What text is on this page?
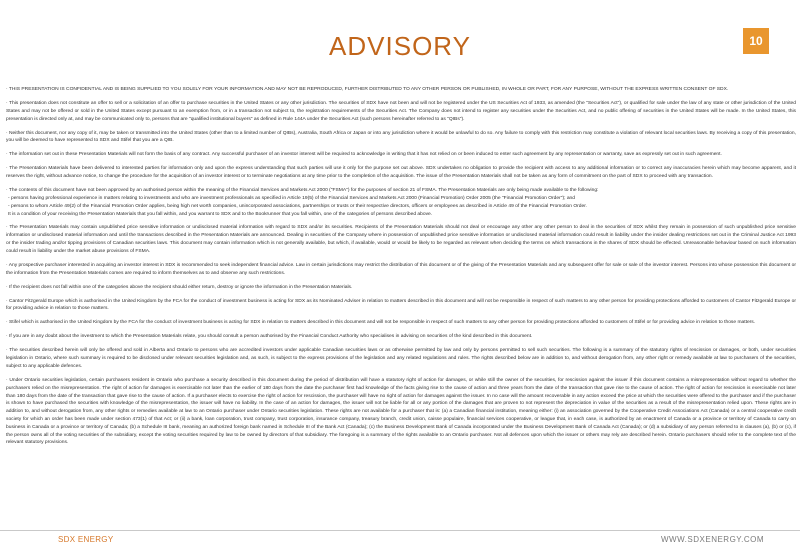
ADVISORY	10

· THIS PRESENTATION IS CONFIDENTIAL AND IS BEING SUPPLIED TO YOU SOLELY FOR YOUR INFORMATION AND MAY NOT BE REPRODUCED, FURTHER DISTRIBUTED TO ANY OTHER PERSON OR PUBLISHED, IN WHOLE OR PART, FOR ANY PURPOSE, WITHOUT THE EXPRESS WRITTEN CONSENT OF SDX.

· This presentation does not constitute an offer to sell or a solicitation of an offer to purchase securities in the United States or any other jurisdiction. The securities of SDX have not been and will not be registered under the US Securities Act of 1933, as amended (the "Securities Act"), or qualified for sale under the law of any state or other jurisdiction of the United States and may not be offered or sold in the United States except pursuant to an exemption from, or in a transaction not subject to, the registration requirements of the Securities Act. The Company does not intend to register any securities under the Securities Act, and no public offering of securities in the United States will be made. In the United States, this presentation is directed only at, and may be communicated only to, persons that are "qualified institutional buyers" as defined in Rule 144A under the Securities Act (such persons hereinafter referred to as "QIBs").

· Neither this document, nor any copy of it, may be taken or transmitted into the United States (other than to a limited number of QIBs), Australia, South Africa or Japan or into any jurisdiction where it would be unlawful to do so. Any failure to comply with this restriction may constitute a violation of relevant local securities laws. By receiving a copy of this presentation, you will be deemed to have represented to SDX and Stifel that you are a QIB.

· The information set out in these Presentation Materials will not form the basis of any contract. Any successful purchaser of an investor interest will be required to acknowledge in writing that it has not relied on or been induced to enter such agreement by any representation or warranty, save as expressly set out in such agreement.

· The Presentation Materials have been delivered to interested parties for information only and upon the express understanding that such parties will use it only for the purpose set out above. SDX undertakes no obligation to provide the recipient with access to any additional information or to correct any inaccuracies herein which may become apparent, and it reserves the right, without advance notice, to change the procedure for the acquisition of an investor interest or to terminate negotiations at any time prior to the completion of the acquisition. The issue of the Presentation Materials shall not be taken as any form of commitment on the part of SDX to proceed with any transaction.

· The contents of this document have not been approved by an authorised person within the meaning of the Financial Services and Markets Act 2000 ("FSMA") for the purposes of section 21 of FSMA. The Presentation Materials are only being made available to the following:
- persons having professional experience in matters relating to investments and who are investment professionals as specified in Article 19(5) of the Financial Services and Markets Act 2000 (Financial Promotion) Order 2005 (the "Financial Promotion Order"); and
- persons to whom Article 49(2) of the Financial Promotion Order applies, being high net worth companies, unincorporated associations, partnerships or trusts or their respective directors, officers or employees as described in Article 49 of the Financial Promotion Order.
It is a condition of your receiving the Presentation Materials that you fall within, and you warrant to SDX and to the Bookrunner that you fall within, one of the categories of persons described above.

· The Presentation Materials may contain unpublished price sensitive information or undisclosed material information with regard to SDX and/or its securities. Recipients of the Presentation Materials should not deal or encourage any other any other person to deal in the securities of SDX whilst they remain in possession of such unpublished price sensitive information or undisclosed material information and until the transactions described in the Presentation Materials are announced. Dealing in securities of the Company where in possession of unpublished price sensitive information or undisclosed material information could result in liability under the insider dealing restrictions set out in the Criminal Justice Act 1993 or the insider trading and/or tipping provisions of Canadian securities laws. This document may contain information which is not generally available, but which, if available, would or would be likely to be regarded as relevant when deciding the terms on which transactions in the shares of SDX should be effected. Unreasonable behaviour based on such information could result in liability under the market abuse provisions of FSMA.

· Any prospective purchaser interested in acquiring an investor interest in SDX is recommended to seek independent financial advice. Law in certain jurisdictions may restrict the distribution of this document or of the giving of the Presentation Materials and any subsequent offer for sale or sale of the investor interest. Persons into whose possession this document or the information from the Presentation Materials comes are required to inform themselves as to and observe any such restrictions.

· If the recipient does not fall within one of the categories above the recipient should either return, destroy or ignore the information in the Presentation Materials.

· Cantor Fitzgerald Europe which is authorised in the United Kingdom by the FCA for the conduct of investment business is acting for SDX as its Nominated Adviser in relation to matters described in this document and will not be responsible in respect of such matters to any other person for providing protections afforded to customers of Cantor Fitzgerald Europe or for providing advice in relation to those matters.

· Stifel which is authorised in the United Kingdom by the FCA for the conduct of investment business is acting for SDX in relation to matters described in this document and will not be responsible in respect of such matters to any other person for providing protections afforded to customers of Stifel or for providing advice in relation to those matters.

· If you are in any doubt about the investment to which the Presentation Materials relate, you should consult a person authorised by the Financial Conduct Authority who specialises in advising on securities of the kind described in this document.

· The securities described herein will only be offered and sold in Alberta and Ontario to persons who are accredited investors under applicable Canadian securities laws or as otherwise permitted by law and only by persons permitted to sell such securities. The following is a summary of the statutory rights of rescission or damages, or both, under securities legislation in Ontario, where such summary is required to be disclosed under relevant securities legislation and, as such, is subject to the express provisions of the legislation and any related regulations and rules. The rights described below are in addition to, and without derogation from, any other right or remedy available at law to purchasers of the securities, subject to any applicable defences.

· Under Ontario securities legislation, certain purchasers resident in Ontario who purchase a security described in this document during the period of distribution will have a statutory right of action for damages, or while still the owner of the securities, for rescission against the issuer if this document contains a misrepresentation without regard to whether the purchasers relied on the misrepresentation. The right of action for damages is exercisable not later than the earlier of 180 days from the date the purchaser first had knowledge of the facts giving rise to the cause of action and three years from the date of the transaction that gave rise to the cause of action. The right of action for rescission is exercisable not later than 180 days from the date of the transaction that gave rise to the cause of action. If a purchaser elects to exercise the right of action for rescission, the purchaser will have no right of action for damages against the issuer. In no case will the amount recoverable in any action exceed the price at which the securities were offered to the purchaser and if the purchaser is shown to have purchased the securities with knowledge of the misrepresentation, the issuer will have no liability. In the case of an action for damages, the issuer will not be liable for all or any portion of the damages that are proven to not represent the depreciation in value of the securities as a result of the misrepresentation relied upon. These rights are in addition to, and without derogation from, any other rights or remedies available at law to an Ontario purchaser under Ontario securities legislation. These rights are not available for a purchaser that is: (a) a Canadian financial institution, meaning either: (i) an association governed by the Cooperative Credit Associations Act (Canada) or a central cooperative credit society for which an order has been made under section 473(1) of that Act; or (ii) a bank, loan corporation, trust company, trust corporation, insurance company, treasury branch, credit union, caisse populaire, financial services cooperative, or league that, in each case, is authorized by an enactment of Canada or a province or territory of Canada to carry on business in Canada or a province or territory of Canada; (b) a Schedule III bank, meaning an authorized foreign bank named in Schedule III of the Bank Act (Canada); (c) the Business Development Bank of Canada incorporated under the Business Development Bank of Canada Act (Canada); or (d) a subsidiary of any person referred to in clauses (a), (b) or (c), if the person owns all of the voting securities of the subsidiary, except the voting securities required by law to be owned by directors of that subsidiary. The foregoing is a summary of the rights available to an Ontario purchaser. Not all defences upon which the issuer or others may rely are described herein. Ontario purchasers should refer to the complete text of the relevant statutory provisions.

SDX ENERGY	WWW.SDXENERGY.COM
